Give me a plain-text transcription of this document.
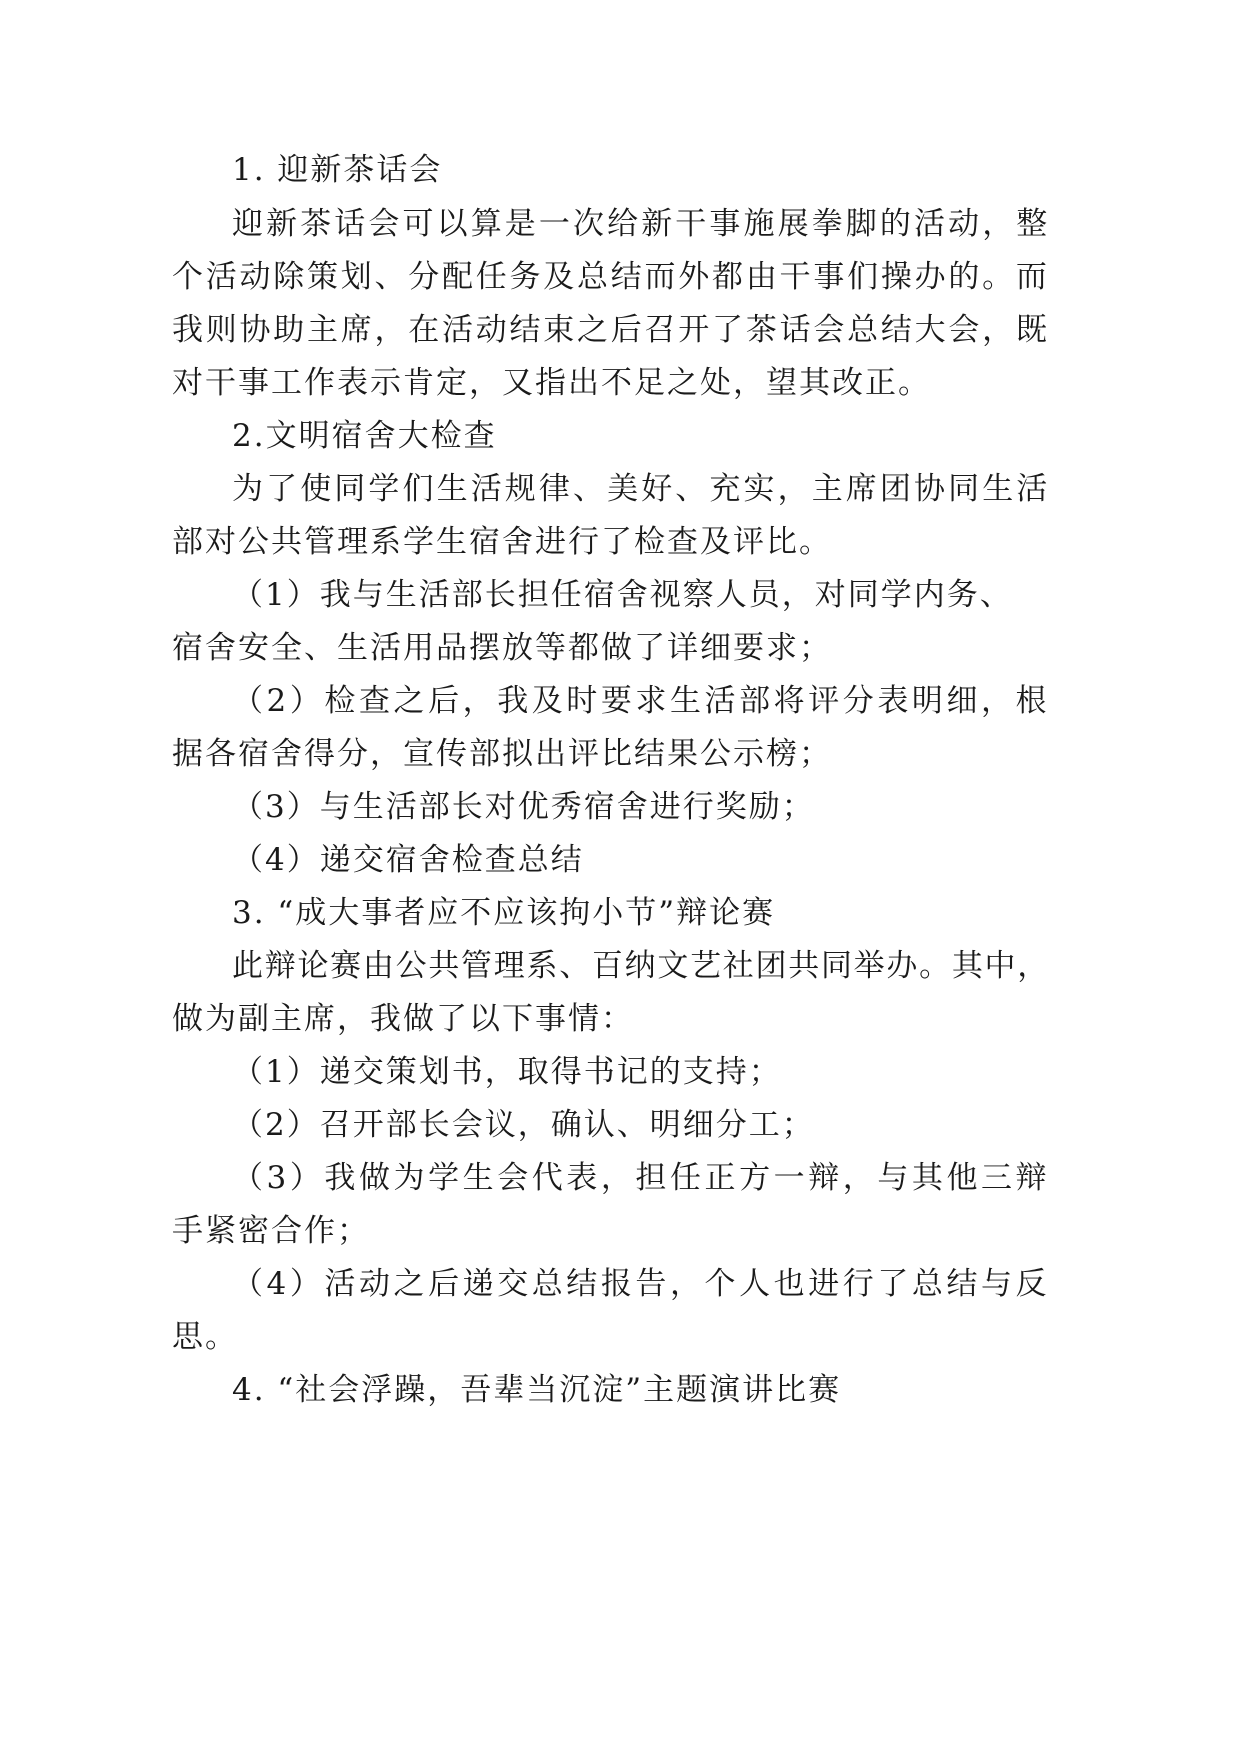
1. 迎新茶话会
迎新茶话会可以算是一次给新干事施展拳脚的活动，整
个活动除策划、分配任务及总结而外都由干事们操办的。而
我则协助主席，在活动结束之后召开了茶话会总结大会，既
对干事工作表示肯定，又指出不足之处，望其改正。
2.文明宿舍大检查
为了使同学们生活规律、美好、充实，主席团协同生活
部对公共管理系学生宿舍进行了检查及评比。
（1）我与生活部长担任宿舍视察人员，对同学内务、
宿舍安全、生活用品摆放等都做了详细要求；
（2）检查之后，我及时要求生活部将评分表明细，根
据各宿舍得分，宣传部拟出评比结果公示榜；
（3）与生活部长对优秀宿舍进行奖励；
（4）递交宿舍检查总结
3. “成大事者应不应该拘小节”辩论赛
此辩论赛由公共管理系、百纳文艺社团共同举办。其中，
做为副主席，我做了以下事情：
（1）递交策划书，取得书记的支持；
（2）召开部长会议，确认、明细分工；
（3）我做为学生会代表，担任正方一辩，与其他三辩
手紧密合作；
（4）活动之后递交总结报告，个人也进行了总结与反
思。
4. “社会浮躁，吾辈当沉淀”主题演讲比赛
